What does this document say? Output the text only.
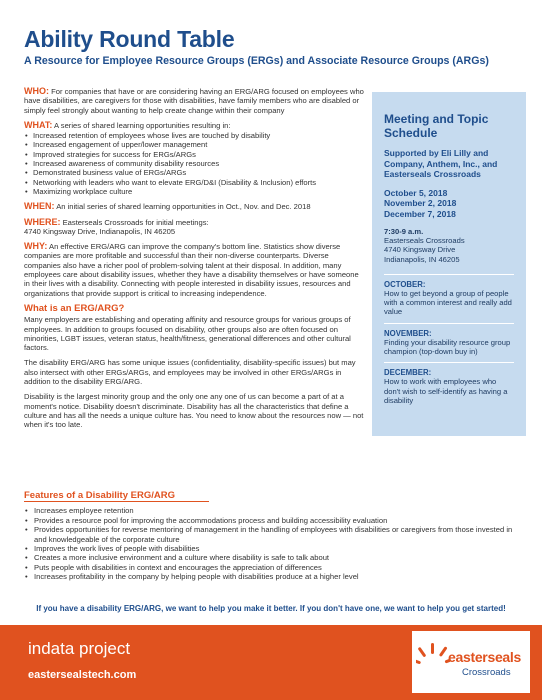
Ability Round Table
A Resource for Employee Resource Groups (ERGs) and Associate Resource Groups (ARGs)
WHO: For companies that have or are considering having an ERG/ARG focused on employees who have disabilities, are caregivers for those with disabilities, have family members who are disabled or simply feel strongly about wanting to help create change within their company
WHAT: A series of shared learning opportunities resulting in:
• Increased retention of employees whose lives are touched by disability
• Increased engagement of upper/lower management
• Improved strategies for success for ERGs/ARGs
• Increased awareness of community disability resources
• Demonstrated business value of ERGs/ARGs
• Networking with leaders who want to elevate ERG/D&I (Disability & Inclusion) efforts
• Maximizing workplace culture
WHEN: An initial series of shared learning opportunities in Oct., Nov. and Dec. 2018
WHERE: Easterseals Crossroads for initial meetings:
4740 Kingsway Drive, Indianapolis, IN 46205
WHY: An effective ERG/ARG can improve the company's bottom line. Statistics show diverse companies are more profitable and successful than their non-diverse counterparts. Diverse companies also have a richer pool of problem-solving talent at their disposal. In addition, many employees care about disability issues, whether they have a disability themselves or have someone in their lives with a disability. Connecting with people interested in disability issues, resources and organizations that provide support is critical to increasing independence.
What is an ERG/ARG?

Many employers are establishing and operating affinity and resource groups for various groups of employees. In addition to groups focused on disability, other groups also are often focused on minorities, LGBT issues, veteran status, health/fitness, generational differences and other cultural factors.

The disability ERG/ARG has some unique issues (confidentiality, disability-specific issues) but may also intersect with other ERGs/ARGs, and employees may be involved in other ERGs/ARGs in addition to the disability ERG/ARG.

Disability is the largest minority group and the only one any one of us can become a part of at a moment's notice. Disability doesn't discriminate. Disability has all the characteristics that define a culture and has all the needs a unique culture has. You need to know about the resources now — not when it's too late.

Features of a Disability ERG/ARG
• Increases employee retention
• Provides a resource pool for improving the accommodations process and building accessibility evaluation
• Provides opportunities for reverse mentoring of management in the handling of employees with disabilities or caregivers from those invested in and knowledgeable of the corporate culture
• Improves the work lives of people with disabilities
• Creates a more inclusive environment and a culture where disability is safe to talk about
• Puts people with disabilities in context and encourages the appreciation of differences
• Increases profitability in the company by helping people with disabilities produce at a higher level
If you have a disability ERG/ARG, we want to help you make it better. If you don't have one, we want to help you get started!
Meeting and Topic Schedule
Supported by Eli Lilly and Company, Anthem, Inc., and Easterseals Crossroads
October 5, 2018
November 2, 2018
December 7, 2018
7:30-9 a.m.
Easterseals Crossroads
4740 Kingsway Drive
Indianapolis, IN 46205
OCTOBER:
How to get beyond a group of people with a common interest and really add value
NOVEMBER:
Finding your disability resource group champion (top-down buy in)
DECEMBER:
How to work with employees who don't wish to self-identify as having a disability
indata project
eastersealstech.com
easterseals
Crossroads
